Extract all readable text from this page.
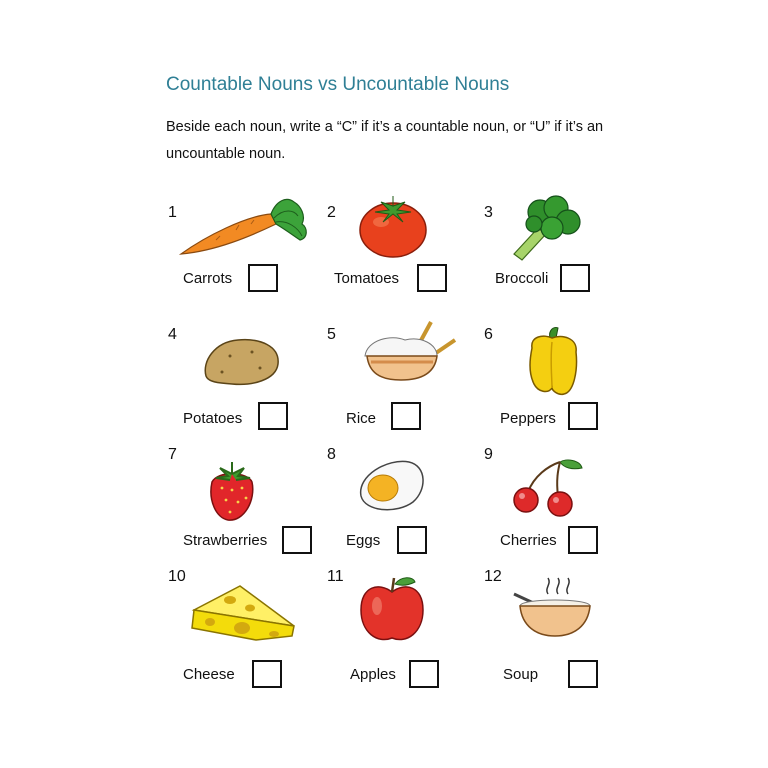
Countable Nouns vs Uncountable Nouns
Beside each noun, write a “C” if it’s a countable noun, or “U” if it’s an uncountable noun.
1
Carrots
2
Tomatoes
3
Broccoli
4
Potatoes
5
Rice
6
Peppers
7
Strawberries
8
Eggs
9
Cherries
10
Cheese
11
Apples
12
Soup
